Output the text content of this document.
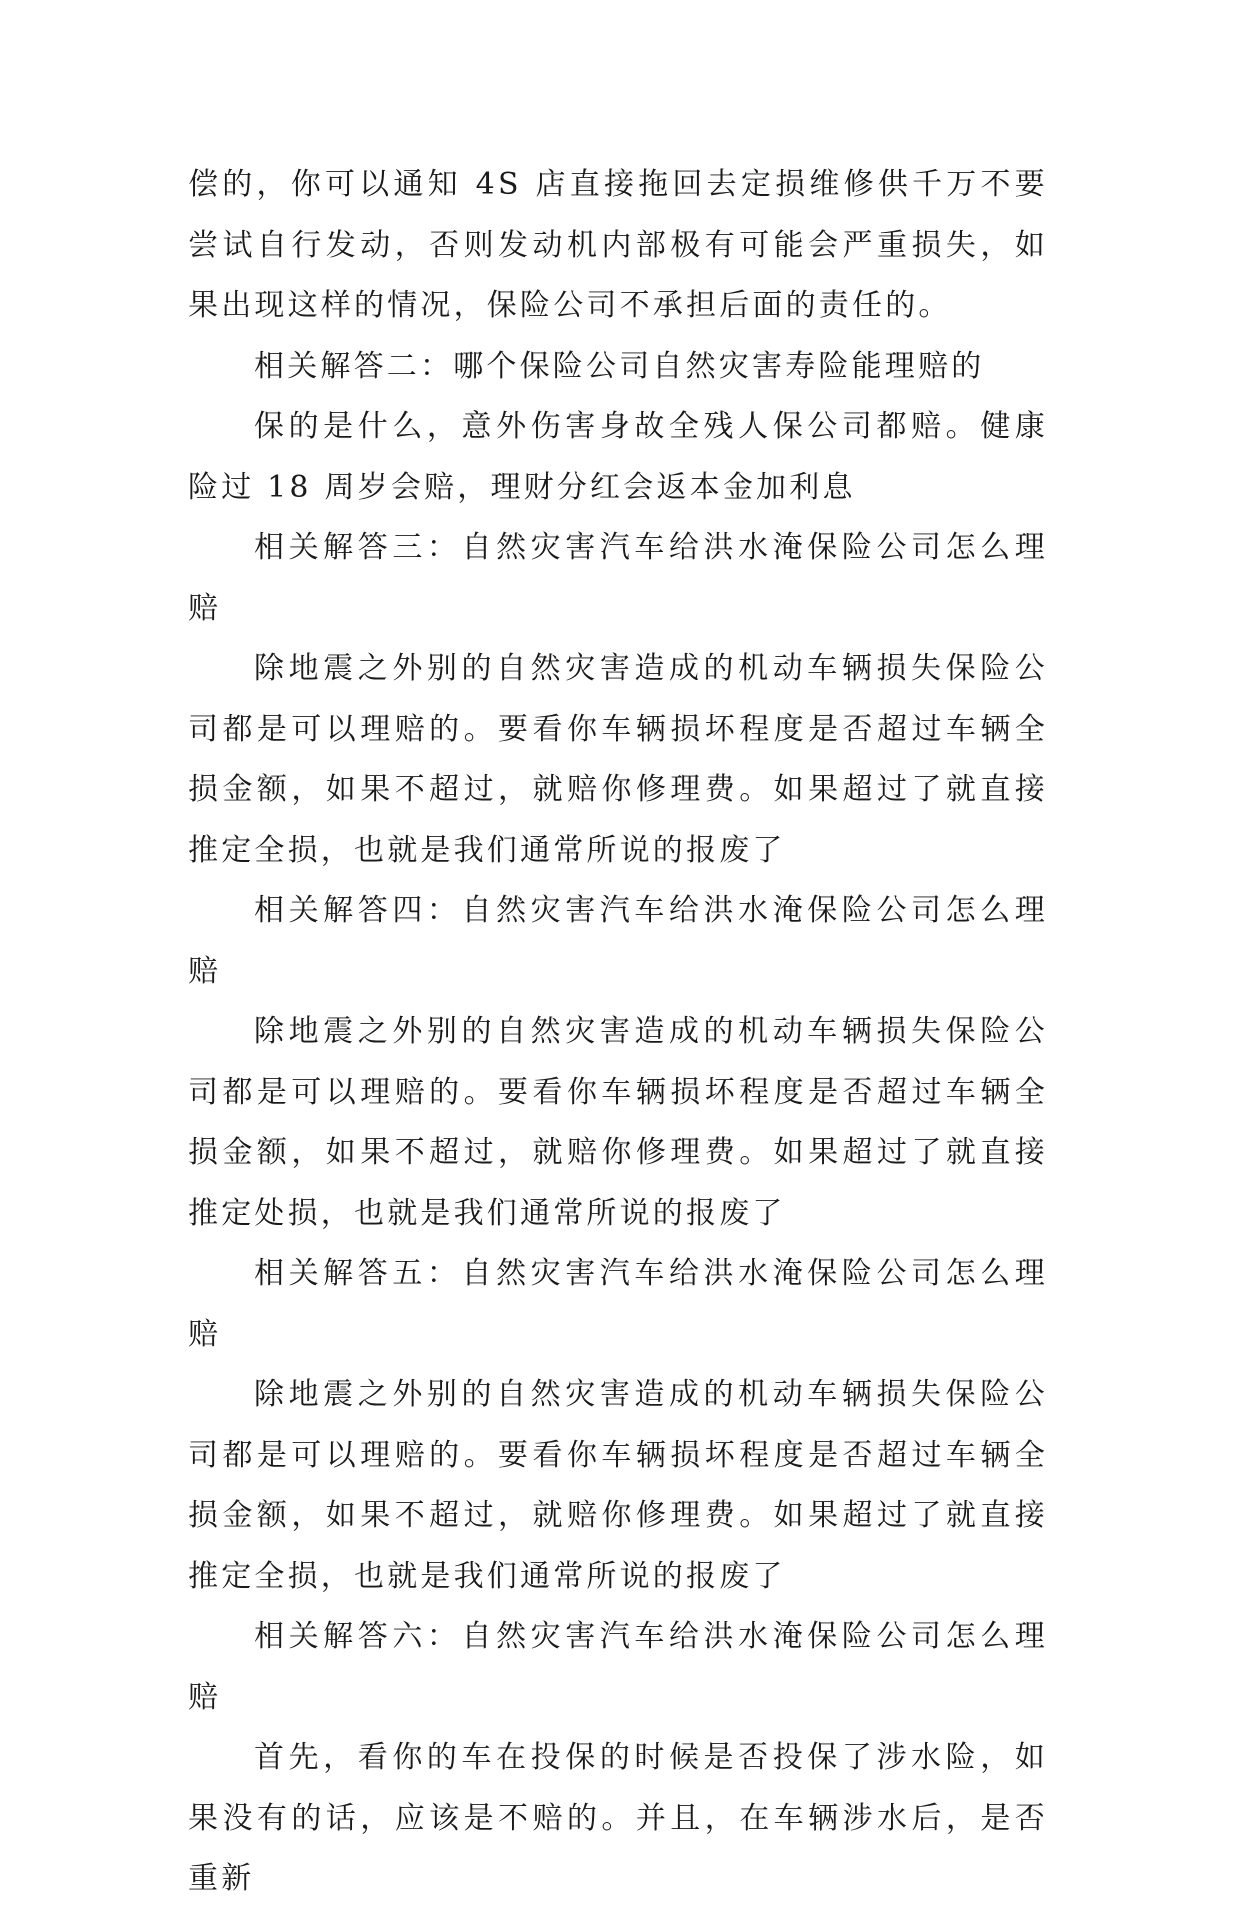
偿的，你可以通知 4S 店直接拖回去定损维修供千万不要尝试自行发动，否则发动机内部极有可能会严重损失，如果出现这样的情况，保险公司不承担后面的责任的。

相关解答二：哪个保险公司自然灾害寿险能理赔的

保的是什么，意外伤害身故全残人保公司都赔。健康险过 18 周岁会赔，理财分红会返本金加利息

相关解答三：自然灾害汽车给洪水淹保险公司怎么理赔

除地震之外别的自然灾害造成的机动车辆损失保险公司都是可以理赔的。要看你车辆损坏程度是否超过车辆全损金额，如果不超过，就赔你修理费。如果超过了就直接推定全损，也就是我们通常所说的报废了

相关解答四：自然灾害汽车给洪水淹保险公司怎么理赔

除地震之外别的自然灾害造成的机动车辆损失保险公司都是可以理赔的。要看你车辆损坏程度是否超过车辆全损金额，如果不超过，就赔你修理费。如果超过了就直接推定处损，也就是我们通常所说的报废了

相关解答五：自然灾害汽车给洪水淹保险公司怎么理赔

除地震之外别的自然灾害造成的机动车辆损失保险公司都是可以理赔的。要看你车辆损坏程度是否超过车辆全损金额，如果不超过，就赔你修理费。如果超过了就直接推定全损，也就是我们通常所说的报废了

相关解答六：自然灾害汽车给洪水淹保险公司怎么理赔

首先，看你的车在投保的时候是否投保了涉水险，如果没有的话，应该是不赔的。并且，在车辆涉水后，是否重新
